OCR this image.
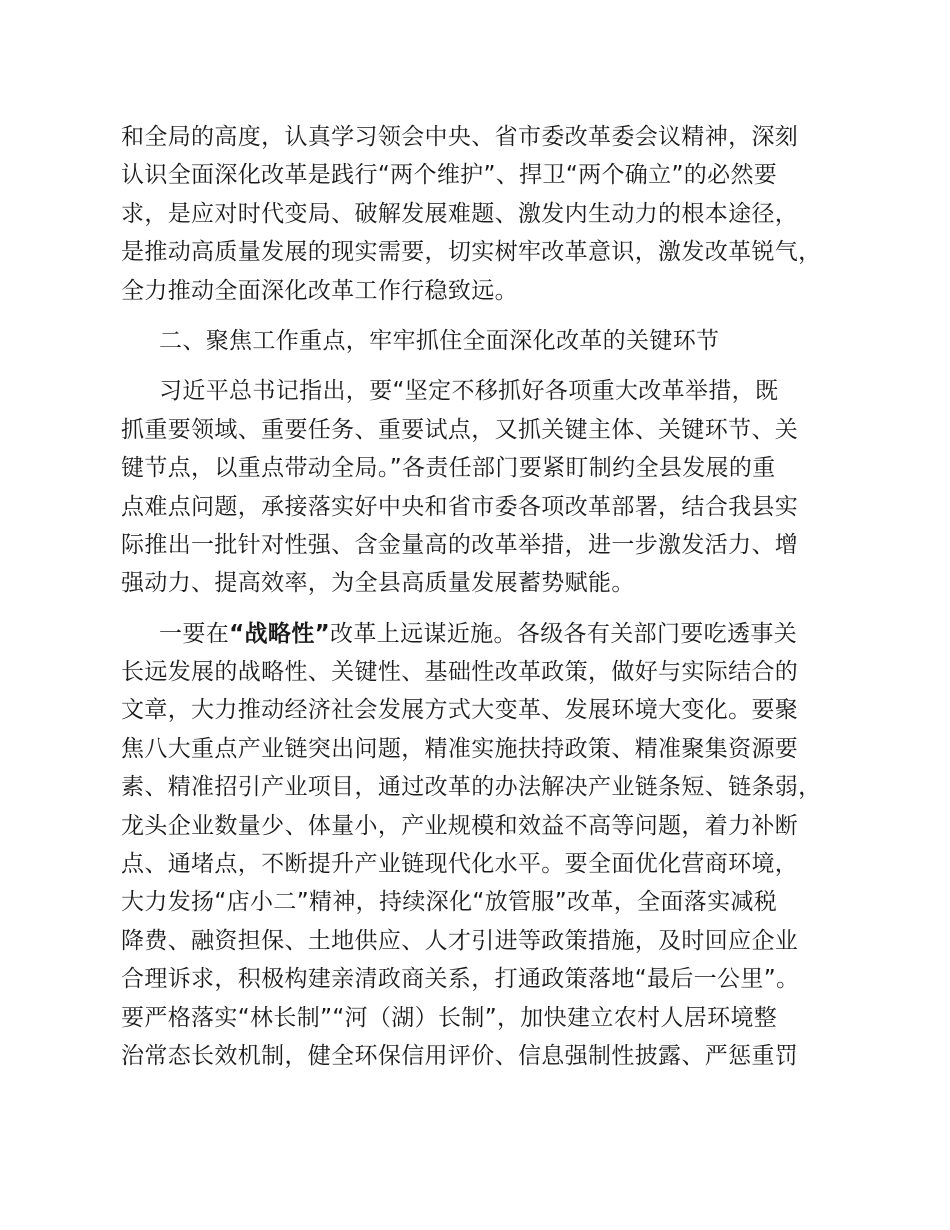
和全局的高度，认真学习领会中央、省市委改革委会议精神，深刻
认识全面深化改革是践行“两个维护”、捍卫“两个确立”的必然要
求，是应对时代变局、破解发展难题、激发内生动力的根本途径，
是推动高质量发展的现实需要，切实树牢改革意识，激发改革锐气，
全力推动全面深化改革工作行稳致远。
二、聚焦工作重点，牢牢抓住全面深化改革的关键环节
习近平总书记指出，要“坚定不移抓好各项重大改革举措，既
抓重要领域、重要任务、重要试点，又抓关键主体、关键环节、关
键节点，以重点带动全局。”各责任部门要紧盯制约全县发展的重
点难点问题，承接落实好中央和省市委各项改革部署，结合我县实
际推出一批针对性强、含金量高的改革举措，进一步激发活力、增
强动力、提高效率，为全县高质量发展蓄势赋能。
一要在“战略性”改革上远谋近施。各级各有关部门要吃透事关
长远发展的战略性、关键性、基础性改革政策，做好与实际结合的
文章，大力推动经济社会发展方式大变革、发展环境大变化。要聚
焦八大重点产业链突出问题，精准实施扶持政策、精准聚集资源要
素、精准招引产业项目，通过改革的办法解决产业链条短、链条弱，
龙头企业数量少、体量小，产业规模和效益不高等问题，着力补断
点、通堵点，不断提升产业链现代化水平。要全面优化营商环境，
大力发扬“店小二”精神，持续深化“放管服”改革，全面落实减税
降费、融资担保、土地供应、人才引进等政策措施，及时回应企业
合理诉求，积极构建亲清政商关系，打通政策落地“最后一公里”。
要严格落实“林长制”“河（湖）长制”，加快建立农村人居环境整
治常态长效机制，健全环保信用评价、信息强制性披露、严惩重罚
